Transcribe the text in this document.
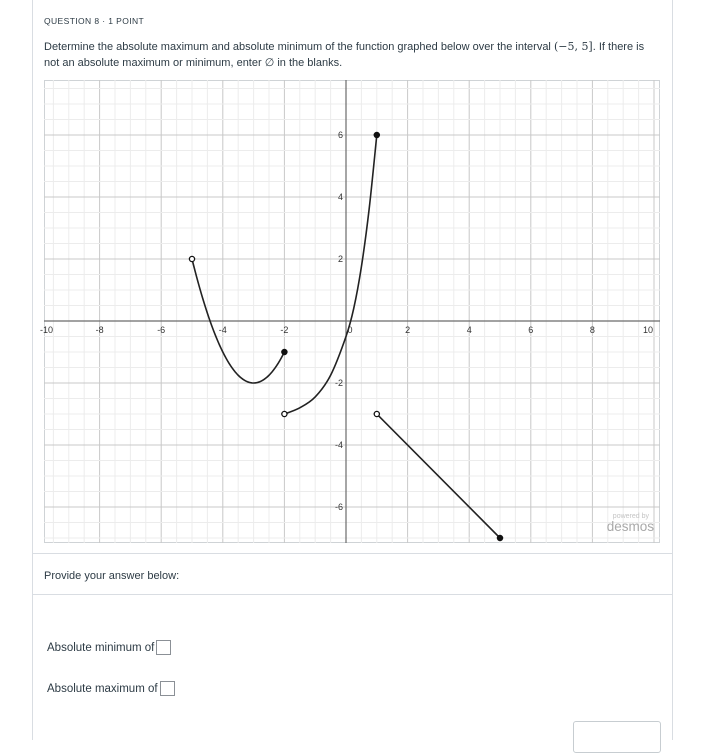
QUESTION 8 · 1 POINT
Determine the absolute maximum and absolute minimum of the function graphed below over the interval (−5, 5]. If there is not an absolute maximum or minimum, enter ∅ in the blanks.
-10	-8	-6	-4	-2	0	2	4	6	8	10
6
4
2
-2
-4
-6
powered by
desmos
Provide your answer below:
Absolute minimum of
Absolute maximum of
